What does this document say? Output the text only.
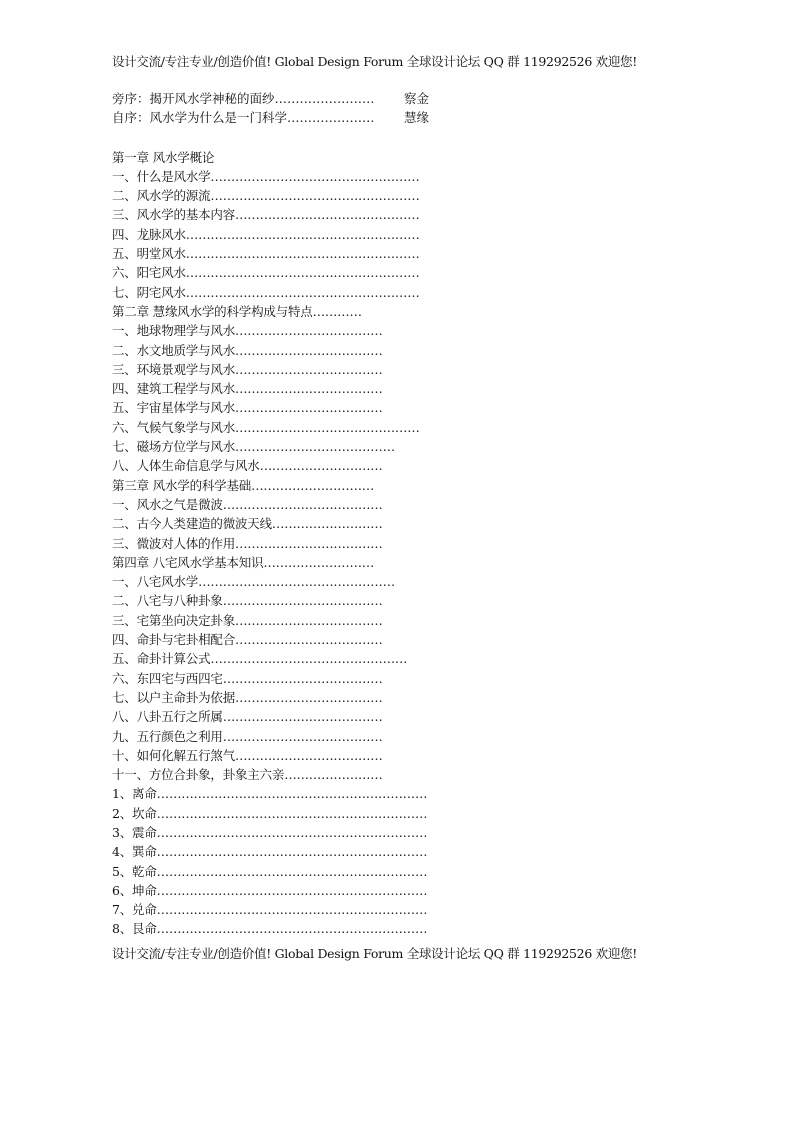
设计交流/专注专业/创造价值! Global Design Forum 全球设计论坛 QQ 群 119292526 欢迎您!
旁序：揭开风水学神秘的面纱……………………	察金
自序：风水学为什么是一门科学…………………	慧缘
第一章 风水学概论
一、什么是风水学……………………………………………
二、风水学的源流……………………………………………
三、风水学的基本内容………………………………………
四、龙脉风水…………………………………………………
五、明堂风水…………………………………………………
六、阳宅风水…………………………………………………
七、阴宅风水…………………………………………………
第二章 慧缘风水学的科学构成与特点…………
一、地球物理学与风水………………………………
二、水文地质学与风水………………………………
三、环境景观学与风水………………………………
四、建筑工程学与风水………………………………
五、宇宙星体学与风水………………………………
六、气候气象学与风水………………………………………
七、磁场方位学与风水…………………………………
八、人体生命信息学与风水…………………………
第三章 风水学的科学基础…………………………
一、风水之气是微波…………………………………
二、古今人类建造的微波天线………………………
三、微波对人体的作用………………………………
第四章 八宅风水学基本知识………………………
一、八宅风水学…………………………………………
二、八宅与八种卦象…………………………………
三、宅第坐向决定卦象………………………………
四、命卦与宅卦相配合………………………………
五、命卦计算公式…………………………………………
六、东四宅与西四宅…………………………………
七、以户主命卦为依据………………………………
八、八卦五行之所属…………………………………
九、五行颜色之利用…………………………………
十、如何化解五行煞气………………………………
十一、方位合卦象，卦象主六亲……………………
1、离命…………………………………………………………
2、坎命…………………………………………………………
3、震命…………………………………………………………
4、巽命…………………………………………………………
5、乾命…………………………………………………………
6、坤命…………………………………………………………
7、兑命…………………………………………………………
8、艮命…………………………………………………………
设计交流/专注专业/创造价值! Global Design Forum 全球设计论坛 QQ 群 119292526 欢迎您!
